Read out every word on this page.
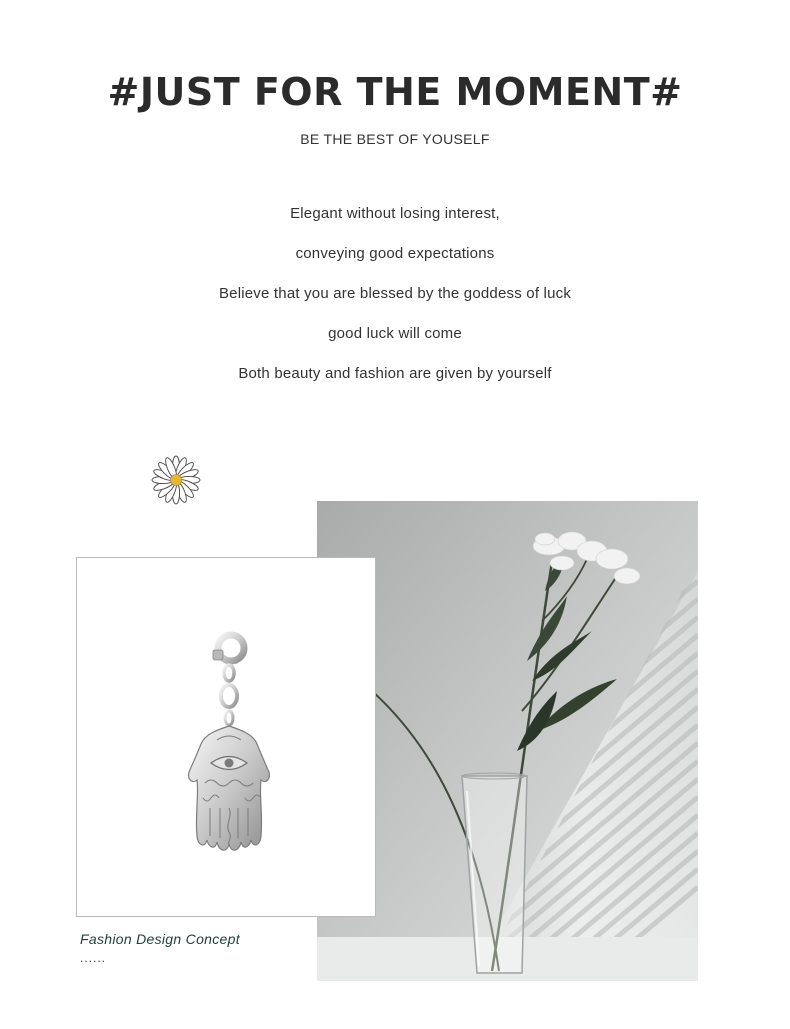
#JUST FOR THE MOMENT#
BE THE BEST OF YOUSELF
Elegant without losing interest,
conveying good expectations
Believe that you are blessed by the goddess of luck
good luck will come
Both beauty and fashion are given by yourself
Fashion Design Concept
......
